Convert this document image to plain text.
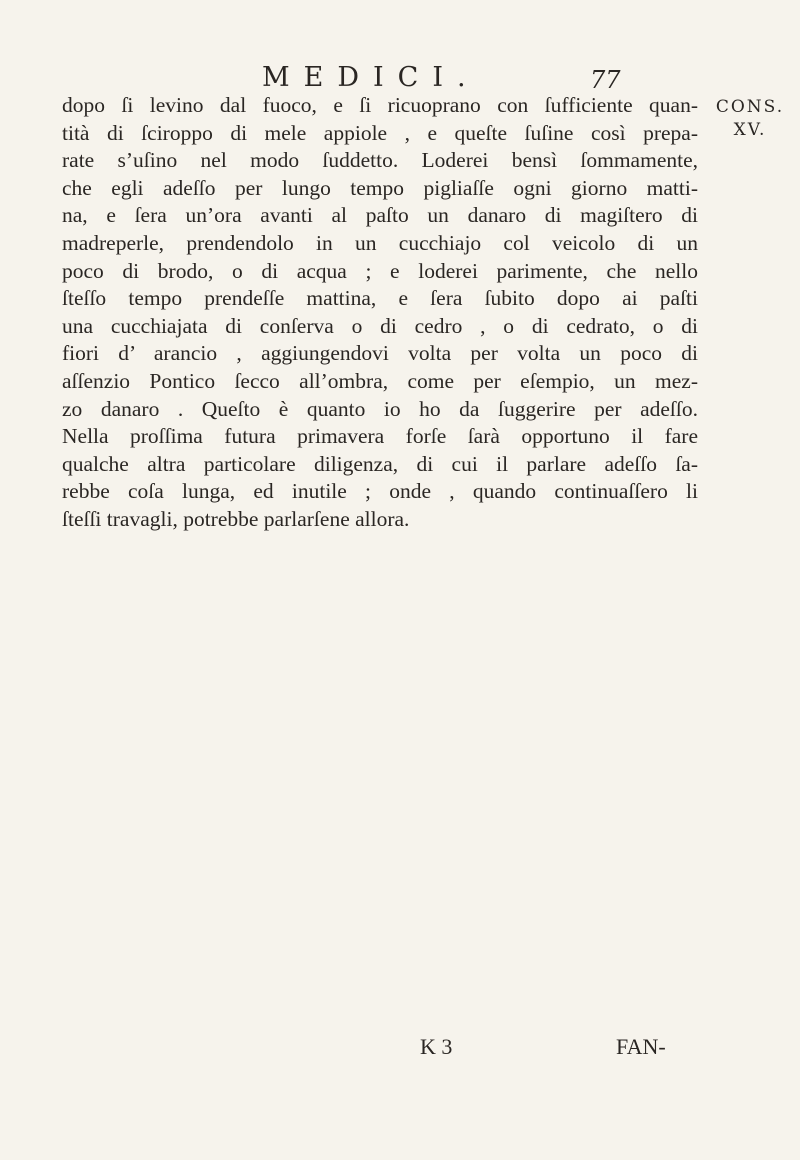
MEDICI.	77
CONS.
XV.
dopo ſi levino dal fuoco, e ſi ricuoprano con ſufficiente quan-
tità di ſciroppo di mele appiole , e queſte ſuſine così prepa-
rate s’uſino nel modo ſuddetto. Loderei bensì ſommamente,
che egli adeſſo per lungo tempo pigliaſſe ogni giorno matti-
na, e ſera un’ora avanti al paſto un danaro di magiſtero di
madreperle, prendendolo in un cucchiajo col veicolo di un
poco di brodo, o di acqua ; e loderei parimente, che nello
ſteſſo tempo prendeſſe mattina, e ſera ſubito dopo ai paſti
una cucchiajata di conſerva o di cedro , o di cedrato, o di
fiori d’ arancio , aggiungendovi volta per volta un poco di
aſſenzio Pontico ſecco all’ombra, come per eſempio, un mez-
zo danaro . Queſto è quanto io ho da ſuggerire per adeſſo.
Nella proſſima futura primavera forſe ſarà opportuno il fare
qualche altra particolare diligenza, di cui il parlare adeſſo ſa-
rebbe coſa lunga, ed inutile ; onde , quando continuaſſero li
ſteſſi travagli, potrebbe parlarſene allora.
K 3	FAN-
